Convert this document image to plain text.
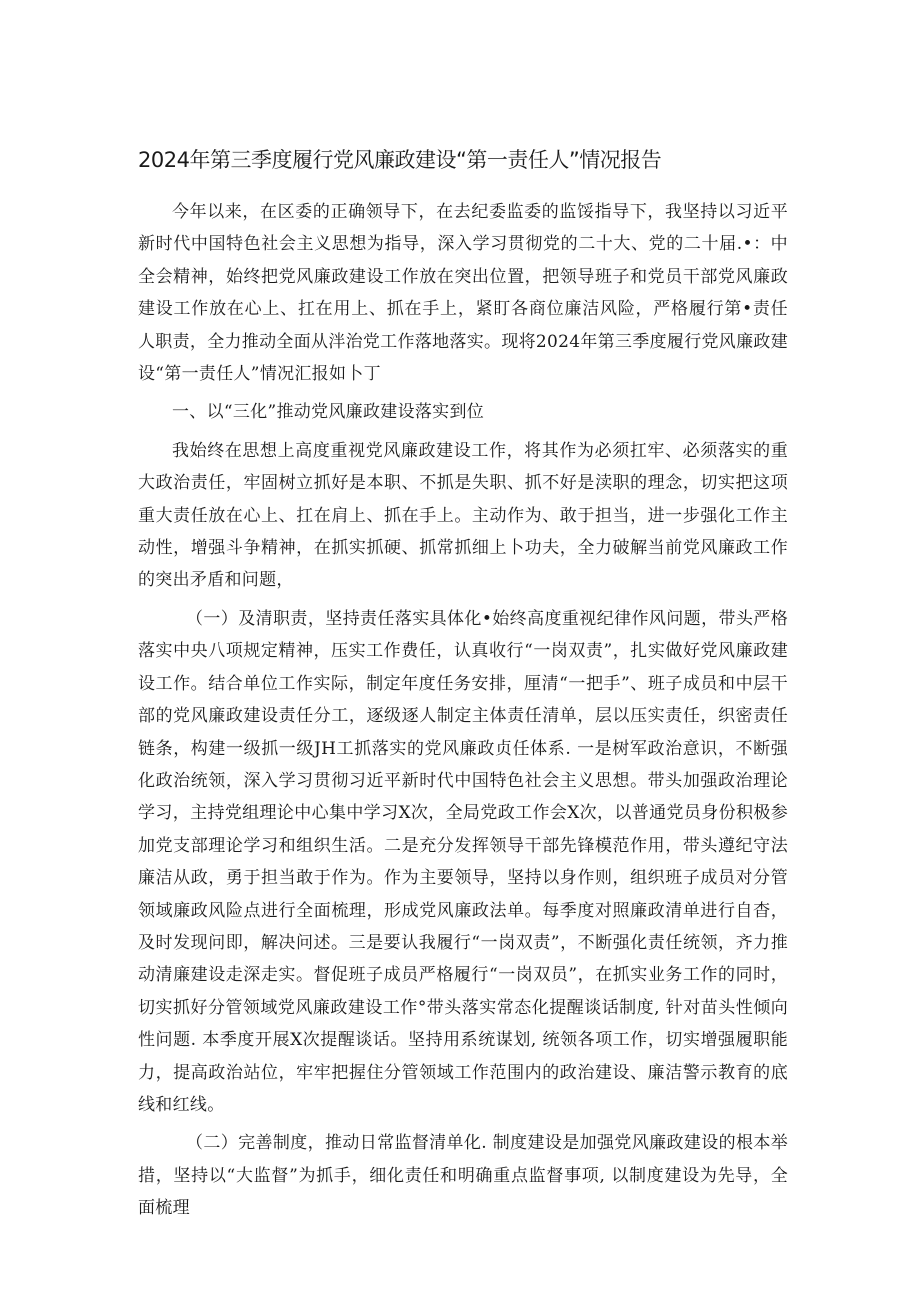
2024年第三季度履行党风廉政建设“第一责任人”情况报告

今年以来，在区委的正确领导下，在去纪委监委的监馁指导下，我坚持以习近平新时代中国特色社会主义思想为指导，深入学习贯彻党的二十大、党的二十届.•：中全会精神，始终把党风廉政建设工作放在突出位置，把领导班子和党员干部党风廉政建设工作放在心上、扛在用上、抓在手上，紧盯各商位廉洁风险，严格履行第•责任人职责，全力推动全面从泮治党工作落地落实。现将2024年第三季度履行党风廉政建设“第一责任人”情况汇报如卜丁

一、以“三化”推动党风廉政建设落实到位

我始终在思想上高度重视党风廉政建设工作，将其作为必须扛牢、必须落实的重大政治责任，牢固树立抓好是本职、不抓是失职、抓不好是渎职的理念，切实把这项重大责任放在心上、扛在肩上、抓在手上。主动作为、敢于担当，进一步强化工作主动性，增强斗争精神，在抓实抓硬、抓常抓细上卜功夫，全力破解当前党风廉政工作的突出矛盾和问题，

（一）及清职责，坚持责任落实具体化•始终高度重视纪律作风问题，带头严格落实中央八项规定精神，压实工作费任，认真收行“一岗双责”，扎实做好党风廉政建设工作。结合单位工作实际，制定年度任务安排，厘清“一把手”、班子成员和中层干部的党风廉政建设责任分工，逐级逐人制定主体责任清单，层以压实责任，织密责任链条，构建一级抓一级JH工抓落实的党风廉政贞任体系. 一是树军政治意识，不断强化政治统领，深入学习贯彻习近平新时代中国特色社会主义思想。带头加强政治理论学习，主持党组理论中心集中学习X次，全局党政工作会X次，以普通党员身份积极参加党支部理论学习和组织生活。二是充分发挥领导干部先锋模范作用，带头遵纪守法廉洁从政，勇于担当敢于作为。作为主要领导，坚持以身作则，组织班子成员对分管领域廉政风险点进行全面梳理，形成党风廉政法单。每季度对照廉政清单进行自杳，及时发现问即，解决问述。三是要认我履行“一岗双责”，不断强化责任统领，齐力推动清廉建设走深走实。督促班子成员严格履行“一岗双员”，在抓实业务工作的同时，切实抓好分管领域党风廉政建设工作°带头落实常态化提醒谈话制度, 针对苗头性倾向性问题. 本季度开展X次提醒谈话。坚持用系统谋划, 统领各项工作，切实增强履职能力，提高政治站位，牢牢把握住分管领域工作范围内的政治建设、廉洁警示教育的底线和红线。

（二）完善制度，推动日常监督清单化. 制度建设是加强党风廉政建设的根本举措，坚持以“大监督”为抓手，细化责任和明确重点监督事项, 以制度建设为先导，全面梳理
